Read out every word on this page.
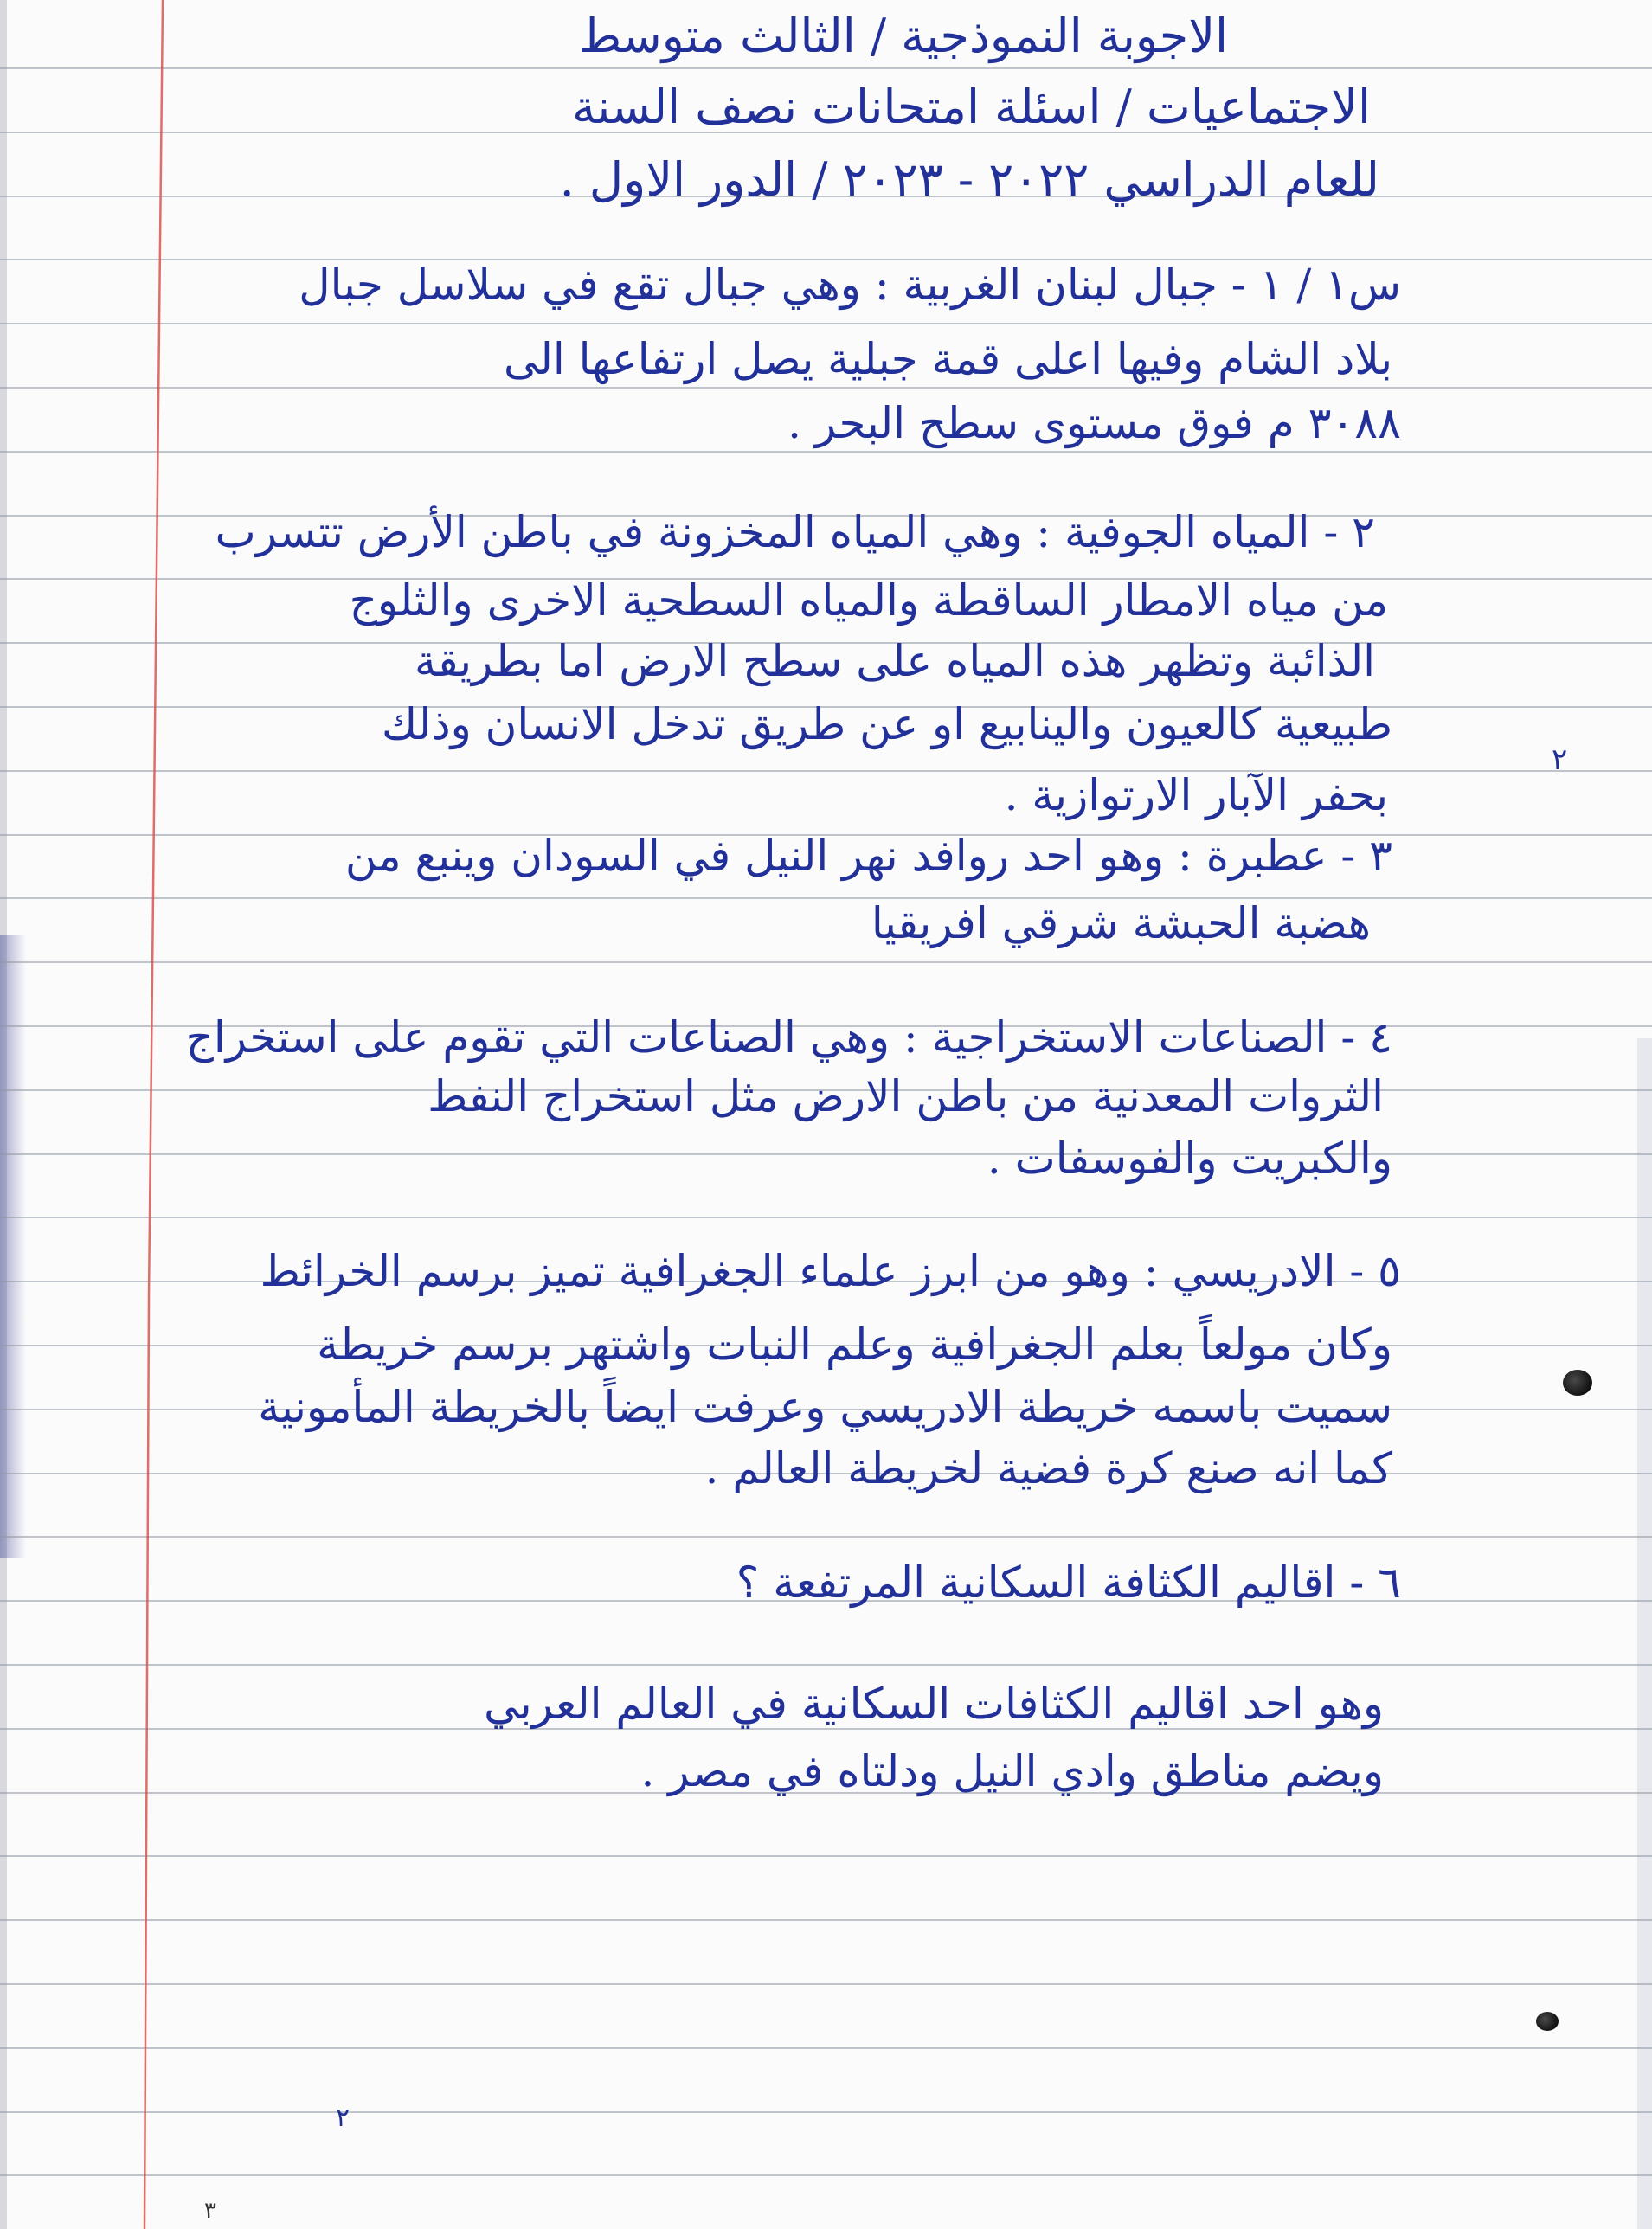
الاجوبة النموذجية / الثالث متوسط
الاجتماعيات / اسئلة امتحانات نصف السنة
للعام الدراسي ٢٠٢٢ - ٢٠٢٣ / الدور الاول .
س١ / ١ - جبال لبنان الغربية : وهي جبال تقع في سلاسل جبال
بلاد الشام وفيها اعلى قمة جبلية يصل ارتفاعها الى
٣٠٨٨ م فوق مستوى سطح البحر .
٢ - المياه الجوفية : وهي المياه المخزونة في باطن الأرض تتسرب
من مياه الامطار الساقطة والمياه السطحية الاخرى والثلوج
الذائبة وتظهر هذه المياه على سطح الارض اما بطريقة
طبيعية كالعيون والينابيع او عن طريق تدخل الانسان وذلك
بحفر الآبار الارتوازية .
٣ - عطبرة : وهو احد روافد نهر النيل في السودان وينبع من
هضبة الحبشة شرقي افريقيا
٤ - الصناعات الاستخراجية : وهي الصناعات التي تقوم على استخراج
الثروات المعدنية من باطن الارض مثل استخراج النفط
والكبريت والفوسفات .
٥ - الادريسي : وهو من ابرز علماء الجغرافية تميز برسم الخرائط
وكان مولعاً بعلم الجغرافية وعلم النبات واشتهر برسم خريطة
سميت باسمه خريطة الادريسي وعرفت ايضاً بالخريطة المأمونية
كما انه صنع كرة فضية لخريطة العالم .
٦ - اقاليم الكثافة السكانية المرتفعة ؟
وهو احد اقاليم الكثافات السكانية في العالم العربي
ويضم مناطق وادي النيل ودلتاه في مصر .
٢
٢
٣
